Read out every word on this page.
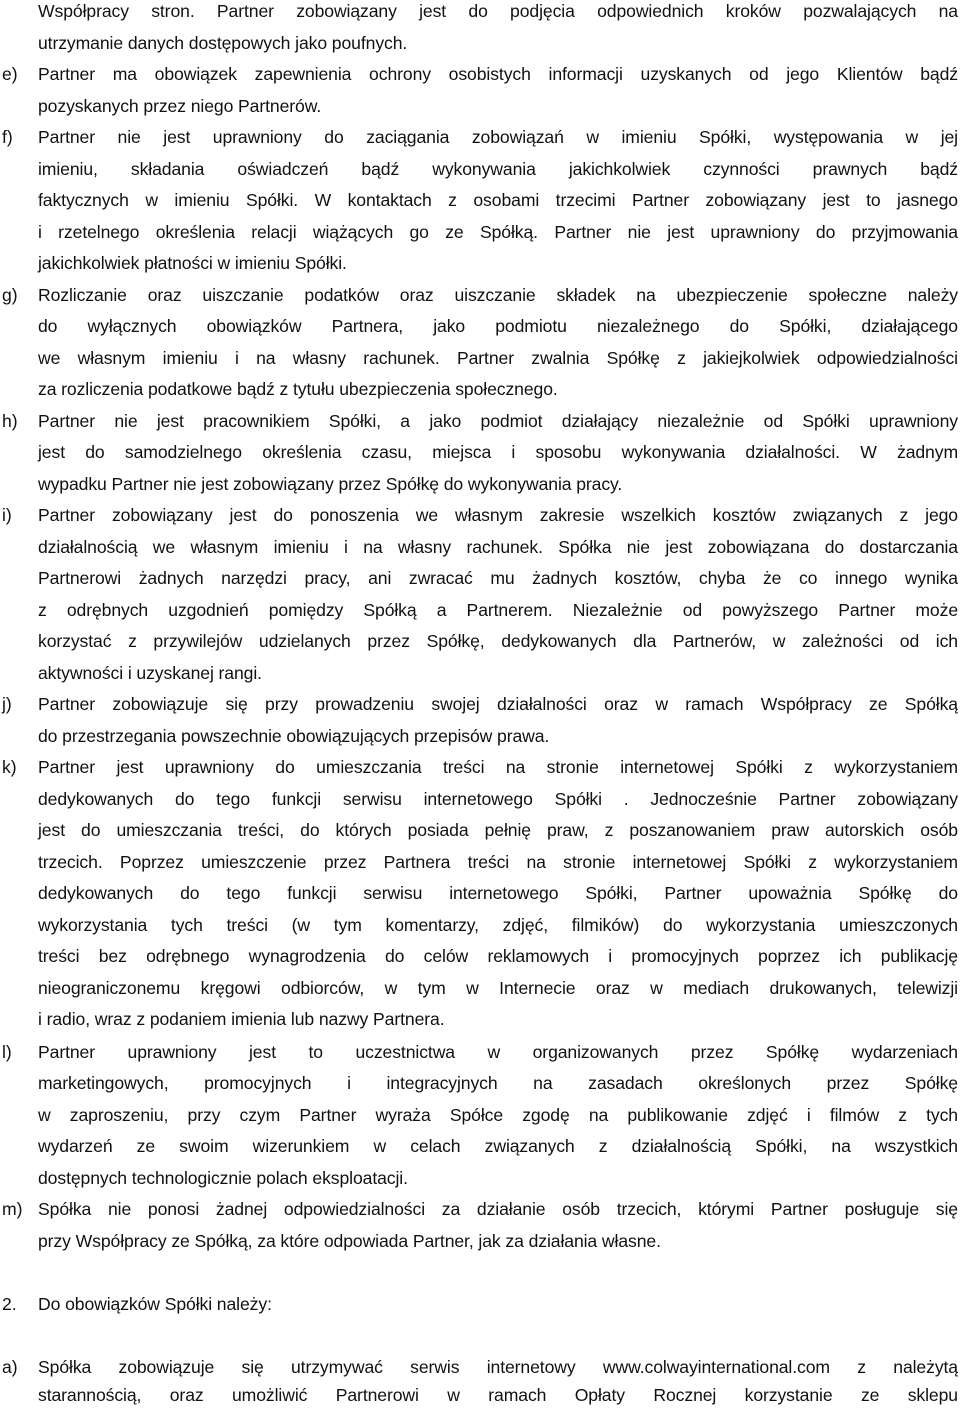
Współpracy stron. Partner zobowiązany jest do podjęcia odpowiednich kroków pozwalających na
utrzymanie danych dostępowych jako poufnych.
e) Partner ma obowiązek zapewnienia ochrony osobistych informacji uzyskanych od jego Klientów bądź
pozyskanych przez niego Partnerów.
f) Partner nie jest uprawniony do zaciągania zobowiązań w imieniu Spółki, występowania w jej
imieniu, składania oświadczeń bądź wykonywania jakichkolwiek czynności prawnych bądź
faktycznych w imieniu Spółki. W kontaktach z osobami trzecimi Partner zobowiązany jest to jasnego
i rzetelnego określenia relacji wiążących go ze Spółką. Partner nie jest uprawniony do przyjmowania
jakichkolwiek płatności w imieniu Spółki.
g) Rozliczanie oraz uiszczanie podatków oraz uiszczanie składek na ubezpieczenie społeczne należy
do wyłącznych obowiązków Partnera, jako podmiotu niezależnego do Spółki, działającego
we własnym imieniu i na własny rachunek. Partner zwalnia Spółkę z jakiejkolwiek odpowiedzialności
za rozliczenia podatkowe bądź z tytułu ubezpieczenia społecznego.
h) Partner nie jest pracownikiem Spółki, a jako podmiot działający niezależnie od Spółki uprawniony
jest do samodzielnego określenia czasu, miejsca i sposobu wykonywania działalności. W żadnym
wypadku Partner nie jest zobowiązany przez Spółkę do wykonywania pracy.
i) Partner zobowiązany jest do ponoszenia we własnym zakresie wszelkich kosztów związanych z jego
działalnością we własnym imieniu i na własny rachunek. Spółka nie jest zobowiązana do dostarczania
Partnerowi żadnych narzędzi pracy, ani zwracać mu żadnych kosztów, chyba że co innego wynika
z odrębnych uzgodnień pomiędzy Spółką a Partnerem. Niezależnie od powyższego Partner może
korzystać z przywilejów udzielanych przez Spółkę, dedykowanych dla Partnerów, w zależności od ich
aktywności i uzyskanej rangi.
j) Partner zobowiązuje się przy prowadzeniu swojej działalności oraz w ramach Współpracy ze Spółką
do przestrzegania powszechnie obowiązujących przepisów prawa.
k) Partner jest uprawniony do umieszczania treści na stronie internetowej Spółki z wykorzystaniem
dedykowanych do tego funkcji serwisu internetowego Spółki . Jednocześnie Partner zobowiązany
jest do umieszczania treści, do których posiada pełnię praw, z poszanowaniem praw autorskich osób
trzecich. Poprzez umieszczenie przez Partnera treści na stronie internetowej Spółki z wykorzystaniem
dedykowanych do tego funkcji serwisu internetowego Spółki, Partner upoważnia Spółkę do
wykorzystania tych treści (w tym komentarzy, zdjęć, filmików) do wykorzystania umieszczonych
treści bez odrębnego wynagrodzenia do celów reklamowych i promocyjnych poprzez ich publikację
nieograniczonemu kręgowi odbiorców, w tym w Internecie oraz w mediach drukowanych, telewizji
i radio, wraz z podaniem imienia lub nazwy Partnera.
l) Partner uprawniony jest to uczestnictwa w organizowanych przez Spółkę wydarzeniach
marketingowych, promocyjnych i integracyjnych na zasadach określonych przez Spółkę
w zaproszeniu, przy czym Partner wyraża Spółce zgodę na publikowanie zdjęć i filmów z tych
wydarzeń ze swoim wizerunkiem w celach związanych z działalnością Spółki, na wszystkich
dostępnych technologicznie polach eksploatacji.
m) Spółka nie ponosi żadnej odpowiedzialności za działanie osób trzecich, którymi Partner posługuje się
przy Współpracy ze Spółką, za które odpowiada Partner, jak za działania własne.
2. Do obowiązków Spółki należy:
a) Spółka zobowiązuje się utrzymywać serwis internetowy www.colwayinternational.com z należytą
starannością, oraz umożliwić Partnerowi w ramach Opłaty Rocznej korzystanie ze sklepu
